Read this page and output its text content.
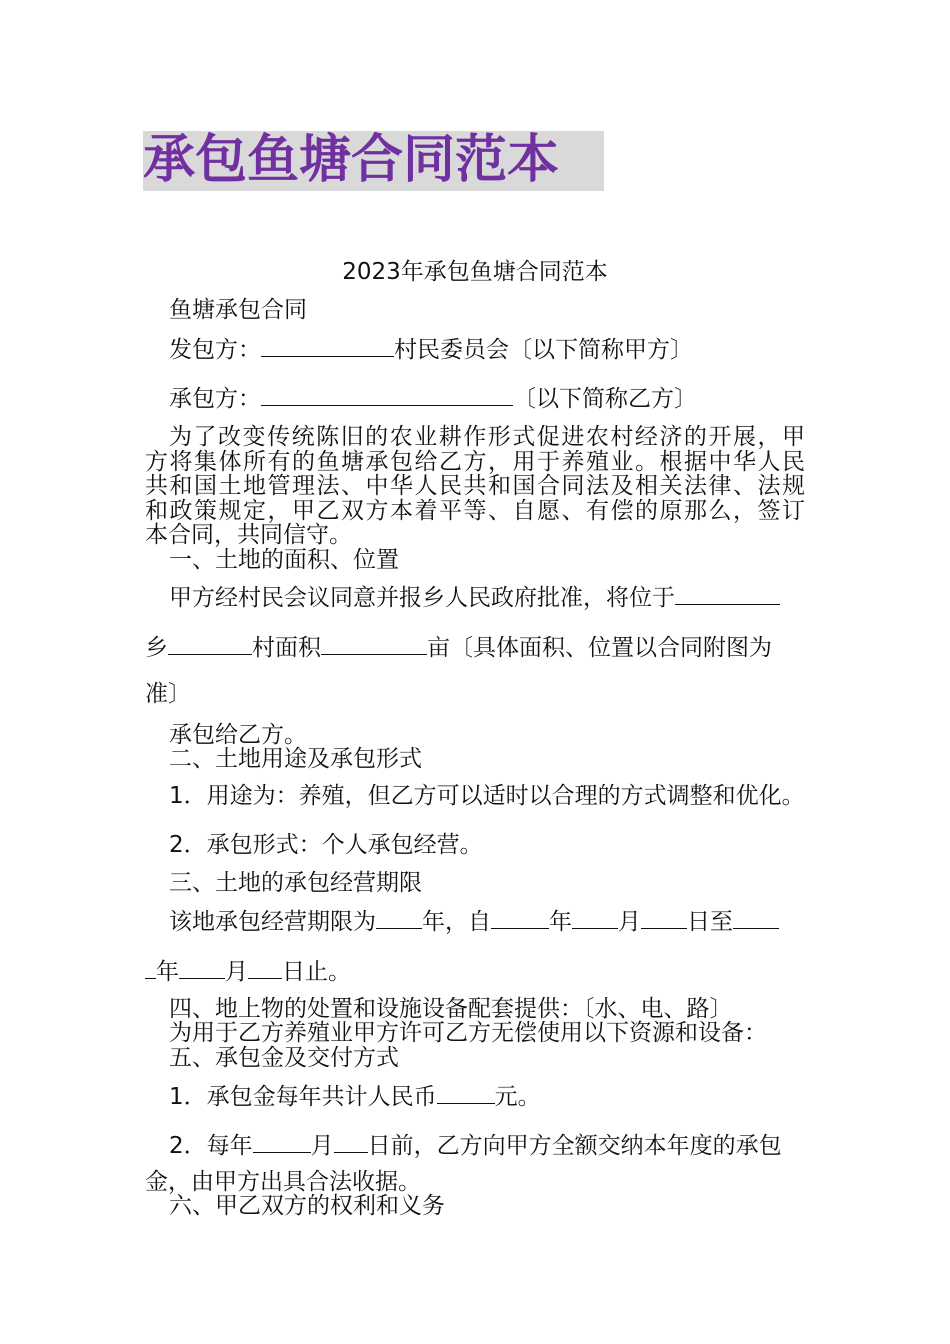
承包鱼塘合同范本

2023年承包鱼塘合同范本

鱼塘承包合同

发包方：	村民委员会〔以下简称甲方〕

承包方：	〔以下简称乙方〕

为了改变传统陈旧的农业耕作形式促进农村经济的开展，甲

方将集体所有的鱼塘承包给乙方，用于养殖业。根据中华人民

共和国土地管理法、中华人民共和国合同法及相关法律、法规

和政策规定，甲乙双方本着平等、自愿、有偿的原那么，签订

本合同，共同信守。

一、土地的面积、位置

甲方经村民会议同意并报乡人民政府批准，将位于

乡	村面积	亩〔具体面积、位置以合同附图为

准〕

承包给乙方。

二、土地用途及承包形式

1．用途为：养殖，但乙方可以适时以合理的方式调整和优化。

2．承包形式：个人承包经营。

三、土地的承包经营期限

该地承包经营期限为 年，自	年 月 日至

年 月 日止。

四、地上物的处置和设施设备配套提供：〔水、电、路〕

为用于乙方养殖业甲方许可乙方无偿使用以下资源和设备：

五、承包金及交付方式

1．承包金每年共计人民币	元。

2．每年	月 日前，乙方向甲方全额交纳本年度的承包

金，由甲方出具合法收据。

六、甲乙双方的权利和义务
